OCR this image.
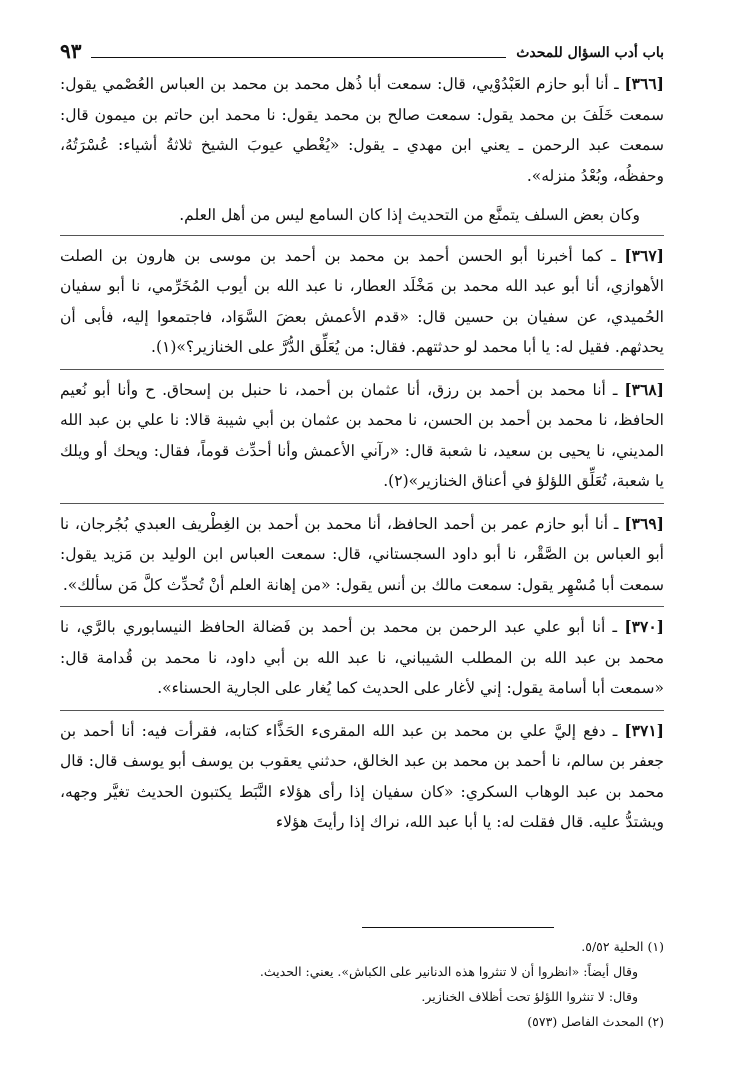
باب أدب السؤال للمحدث
٩٣

[٣٦٦] ـ أنا أبو حازم العَبْدُوْيي، قال: سمعت أبا ذُهل محمد بن محمد بن العباس العُصْمي يقول: سمعت خَلَفَ بن محمد يقول: سمعت صالح بن محمد يقول: نا محمد ابن حاتم بن ميمون قال: سمعت عبد الرحمن ـ يعني ابن مهدي ـ يقول: «يُغْطي عيوبَ الشيخ ثلاثةُ أشياء: عُسْرَتُهُ، وحفظُه، وبُعْدُ منزله».

وكان بعض السلف يتمنَّع من التحديث إذا كان السامع ليس من أهل العلم.

[٣٦٧] ـ كما أخبرنا أبو الحسن أحمد بن محمد بن أحمد بن موسى بن هارون بن الصلت الأهوازي، أنا أبو عبد الله محمد بن مَخْلَد العطار، نا عبد الله بن أيوب المُخَرِّمي، نا أبو سفيان الحُميدي، عن سفيان بن حسين قال: «قدم الأعمش بعضَ السَّوَاد، فاجتمعوا إليه، فأبى أن يحدثهم. فقيل له: يا أبا محمد لو حدثتهم. فقال: من يُعَلِّق الدُّرَّ على الخنازير؟»(١).

[٣٦٨] ـ أنا محمد بن أحمد بن رزق، أنا عثمان بن أحمد، نا حنبل بن إسحاق. ح وأنا أبو نُعيم الحافظ، نا محمد بن أحمد بن الحسن، نا محمد بن عثمان بن أبي شيبة قالا: نا علي بن عبد الله المديني، نا يحيى بن سعيد، نا شعبة قال: «رآني الأعمش وأنا أحدِّث قوماً، فقال: ويحك أو ويلك يا شعبة، تُعَلِّق اللؤلؤ في أعناق الخنازير»(٢).

[٣٦٩] ـ أنا أبو حازم عمر بن أحمد الحافظ، أنا محمد بن أحمد بن الغِطْريف العبدي بُجُرجان، نا أبو العباس بن الصَّقْر، نا أبو داود السجستاني، قال: سمعت العباس ابن الوليد بن مَزيد يقول: سمعت أبا مُسْهِر يقول: سمعت مالك بن أنس يقول: «من إهانة العلم أنْ تُحدِّث كلَّ مَن سألك».

[٣٧٠] ـ أنا أبو علي عبد الرحمن بن محمد بن أحمد بن فَضالة الحافظ النيسابوري بالرَّي، نا محمد بن عبد الله بن المطلب الشيباني، نا عبد الله بن أبي داود، نا محمد بن قُدامة قال: «سمعت أبا أسامة يقول: إني لأغار على الحديث كما يُغار على الجارية الحسناء».

[٣٧١] ـ دفع إليَّ علي بن محمد بن عبد الله المقرىء الحَذَّاء كتابه، فقرأت فيه: أنا أحمد بن جعفر بن سالم، نا أحمد بن محمد بن عبد الخالق، حدثني يعقوب بن يوسف أبو يوسف قال: قال محمد بن عبد الوهاب السكري: «كان سفيان إذا رأى هؤلاء النَّبَط يكتبون الحديث تغيَّر وجهه، ويشتدُّ عليه. قال فقلت له: يا أبا عبد الله، نراك إذا رأيتَ هؤلاء

(١) الحلية ٥/٥٢.

وقال أيضاً: «انظروا أن لا تنثروا هذه الدنانير على الكباش». يعني: الحديث.

وقال: لا تنثروا اللؤلؤ تحت أظلاف الخنازير.

(٢) المحدث الفاصل (٥٧٣)
